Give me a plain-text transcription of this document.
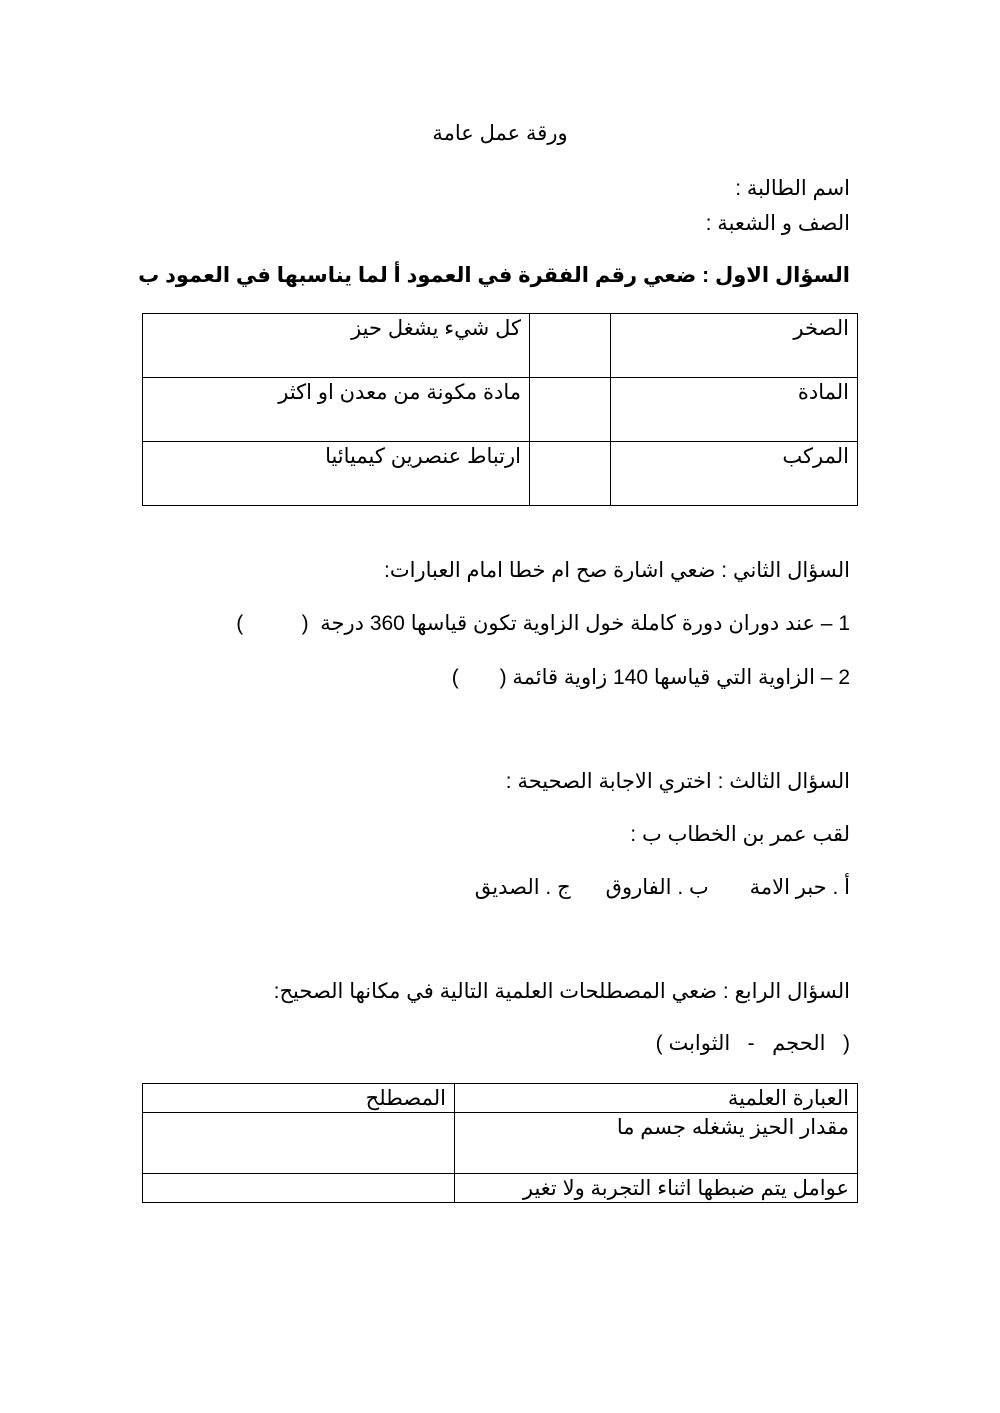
ورقة عمل عامة
اسم الطالبة :
الصف و الشعبة :
السؤال الاول : ضعي رقم الفقرة في العمود أ لما يناسبها في العمود ب
الصخر		كل شيء يشغل حيز
المادة		مادة مكونة من معدن او اكثر
المركب		ارتباط عنصرين كيميائيا
السؤال الثاني : ضعي اشارة صح ام خطا امام العبارات:
1 – عند دوران دورة كاملة خول الزاوية تكون قياسها 360 درجة  (          )
2 – الزاوية التي قياسها 140 زاوية قائمة (       )
السؤال الثالث : اختري الاجابة الصحيحة :
لقب عمر بن الخطاب ب :
أ . حبر الامة       ب . الفاروق      ج . الصديق
السؤال الرابع : ضعي المصطلحات العلمية التالية في مكانها الصحيح:
(   الحجم   -   الثوابت )
العبارة العلمية	المصطلح
مقدار الحيز يشغله جسم ما	
عوامل يتم ضبطها اثناء التجربة ولا تغير	
